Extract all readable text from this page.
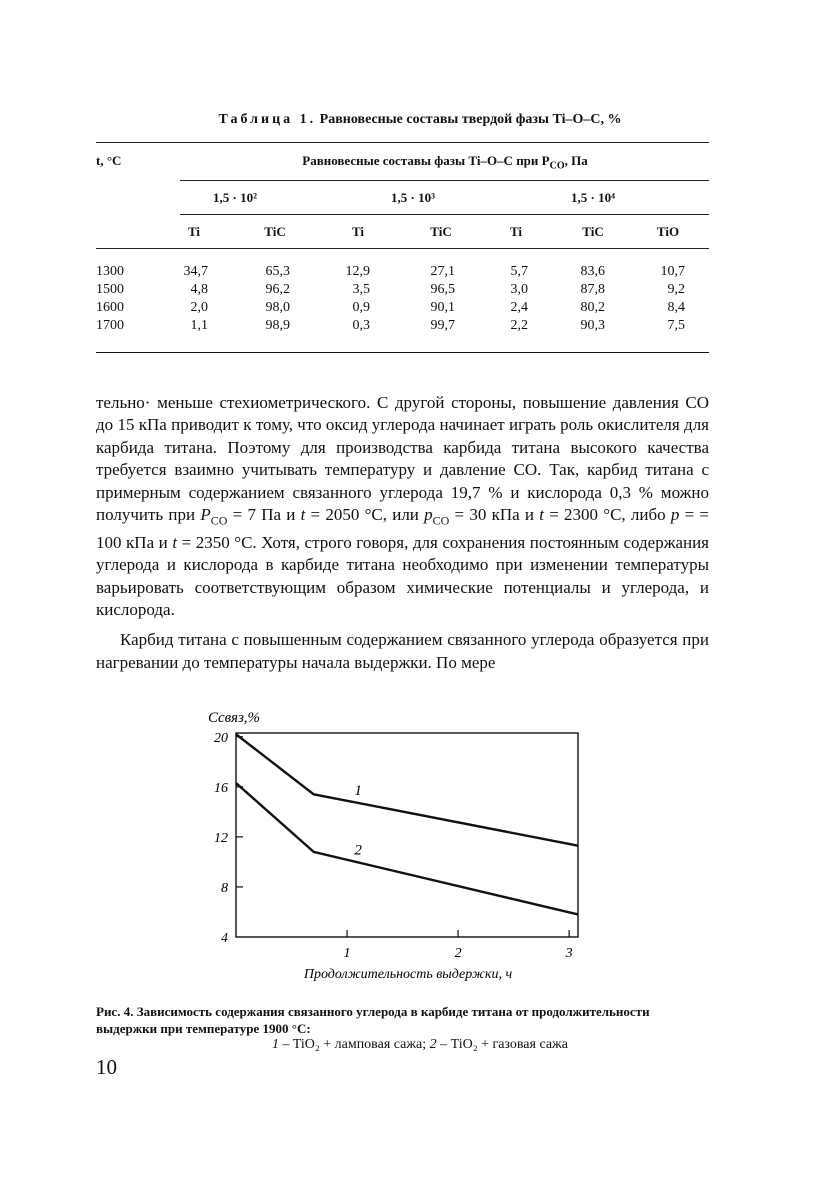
Таблица 1. Равновесные составы твердой фазы Ti–O–C, %
t, °C	Равновесные составы фазы Ti–O–C при $P_{CO}$, Па
1,5 · 10²	1,5 · 10³	1,5 · 10⁴
Ti	TiC	Ti	TiC	Ti	TiC	TiO
1300	34,7	65,3	12,9	27,1	5,7	83,6	10,7
1500	4,8	96,2	3,5	96,5	3,0	87,8	9,2
1600	2,0	98,0	0,9	90,1	2,4	80,2	8,4
1700	1,1	98,9	0,3	99,7	2,2	90,3	7,5

тельно· меньше стехиометрического. С другой стороны, повышение давления CO до 15 кПа приводит к тому, что оксид углерода начинает играть роль окислителя для карбида титана. Поэтому для производства карбида титана высокого качества требуется взаимно учитывать температуру и давление CO. Так, карбид титана с примерным содержанием связанного углерода 19,7 % и кислорода 0,3 % можно получить при $P_{CO} = 7$ Па и t = 2050 °C, или $p_{CO} = 30$ кПа и t = 2300 °C, либо p = = 100 кПа и t = 2350 °C. Хотя, строго говоря, для сохранения постоянным содержания углерода и кислорода в карбиде титана необходимо при изменении температуры варьировать соответствующим образом химические потенциалы и углерода, и кислорода.

Карбид титана с повышенным содержанием связанного углерода образуется при нагревании до температуры начала выдержки. По мере

Cсвяз,%
20
16
12
8
4
1	2	3
1
2
Продолжительность выдержки, ч
Рис. 4. Зависимость содержания связанного углерода в карбиде титана от продолжительности выдержки при температуре 1900 °C:
1 – TiO₂ + ламповая сажа; 2 – TiO₂ + газовая сажа
10
